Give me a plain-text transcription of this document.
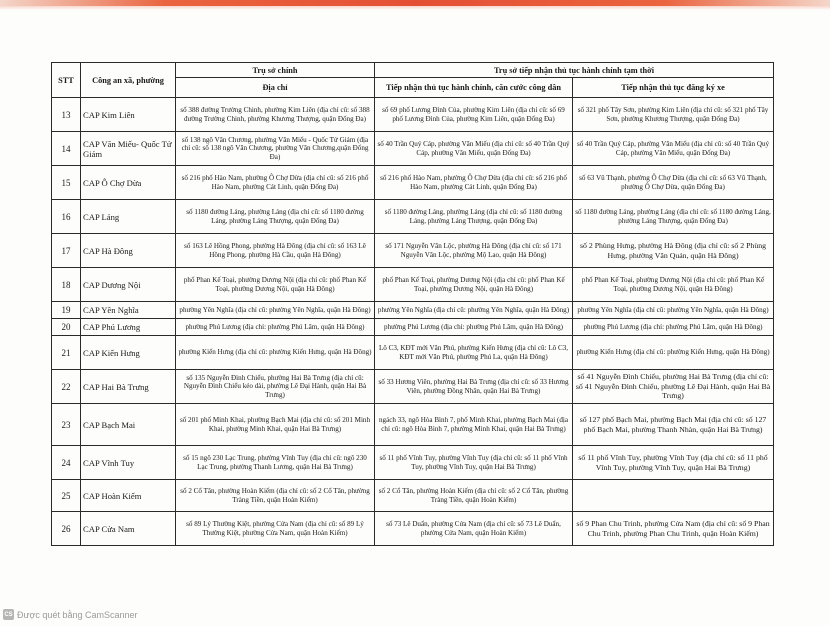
STT	Công an xã, phường	Trụ sở chính	Trụ sở tiếp nhận thủ tục hành chính tạm thời	
		Địa chỉ	Tiếp nhận thủ tục hành chính, căn cước công dân	Tiếp nhận thủ tục đăng ký xe
13	CAP Kim Liên	số 388 đường Trường Chinh, phường Kim Liên (địa chỉ cũ: số 388 đường Trường Chinh, phường Khương Thượng, quận Đống Đa)	số 69 phố Lương Đình Của, phường Kim Liên (địa chỉ cũ: số 69 phố Lương Đình Của, phường Kim Liên, quận Đống Đa)	số 321 phố Tây Sơn, phường Kim Liên (địa chỉ cũ: số 321 phố Tây Sơn, phường Khương Thượng, quận Đống Đa)
14	CAP Văn Miếu- Quốc Tử Giám	số 138 ngõ Văn Chương, phường Văn Miếu - Quốc Tử Giám (địa chỉ cũ: số 138 ngõ Văn Chương, phường Văn Chương,quận Đống Đa)	số 40 Trần Quý Cáp, phường Văn Miếu (địa chỉ cũ: số 40 Trần Quý Cáp, phường Văn Miếu, quận Đống Đa)	số 40 Trần Quý Cáp, phường Văn Miếu (địa chỉ cũ: số 40 Trần Quý Cáp, phường Văn Miếu, quận Đống Đa)
15	CAP Ô Chợ Dừa	số 216 phố Hào Nam, phường Ô Chợ Dừa (địa chỉ cũ: số 216 phố Hào Nam, phường Cát Linh, quận Đống Đa)	số 216 phố Hào Nam, phường Ô Chợ Dừa (địa chỉ cũ: số 216 phố Hào Nam, phường Cát Linh, quận Đống Đa)	số 63 Vũ Thạnh, phường Ô Chợ Dừa (địa chỉ cũ: số 63 Vũ Thạnh, phường Ô Chợ Dừa, quận Đống Đa)
16	CAP Láng	số 1180 đường Láng, phường Láng (địa chỉ cũ: số 1180 đường Láng, phường Láng Thượng, quận Đống Đa)	số 1180 đường Láng, phường Láng (địa chỉ cũ: số 1180 đường Láng, phường Láng Thượng, quận Đống Đa)	số 1180 đường Láng, phường Láng (địa chỉ cũ: số 1180 đường Láng, phường Láng Thượng, quận Đống Đa)
17	CAP Hà Đông	số 163 Lê Hồng Phong, phường Hà Đông (địa chỉ cũ: số 163 Lê Hồng Phong, phường Hà Cầu, quận Hà Đông)	số 171 Nguyễn Văn Lộc, phường Hà Đông (địa chỉ cũ: số 171 Nguyễn Văn Lộc, phường Mộ Lao, quận Hà Đông)	số 2 Phùng Hưng, phường Hà Đông (địa chỉ cũ: số 2 Phùng Hưng, phường Văn Quán, quận Hà Đông)
18	CAP Dương Nội	phố Phan Kế Toại, phường Dương Nội (địa chỉ cũ: phố Phan Kế Toại, phường Dương Nội, quận Hà Đông)	phố Phan Kế Toại, phường Dương Nội (địa chỉ cũ: phố Phan Kế Toại, phường Dương Nội, quận Hà Đông)	phố Phan Kế Toại, phường Dương Nội (địa chỉ cũ: phố Phan Kế Toại, phường Dương Nội, quận Hà Đông)
19	CAP Yên Nghĩa	phường Yên Nghĩa (địa chỉ cũ: phường Yên Nghĩa, quận Hà Đông)	phường Yên Nghĩa (địa chỉ cũ: phường Yên Nghĩa, quận Hà Đông)	phường Yên Nghĩa (địa chỉ cũ: phường Yên Nghĩa, quận Hà Đông)
20	CAP Phú Lương	phường Phú Lương (địa chỉ: phường Phú Lãm, quận Hà Đông)	phường Phú Lương (địa chỉ: phường Phú Lãm, quận Hà Đông)	phường Phú Lương (địa chỉ: phường Phú Lãm, quận Hà Đông)
21	CAP Kiến Hưng	phường Kiến Hưng (địa chỉ cũ: phường Kiến Hưng, quận Hà Đông)	Lô C3, KĐT mới Văn Phú, phường Kiến Hưng (địa chỉ cũ: Lô C3, KĐT mới Văn Phú, phường Phú La, quận Hà Đông)	phường Kiến Hưng (địa chỉ cũ: phường Kiến Hưng, quận Hà Đông)
22	CAP Hai Bà Trưng	số 135 Nguyễn Đình Chiểu, phường Hai Bà Trưng (địa chỉ cũ: Nguyễn Đình Chiểu kéo dài, phường Lê Đại Hành, quận Hai Bà Trưng)	số 33 Hương Viên, phường Hai Bà Trưng (địa chỉ cũ: số 33 Hương Viên, phường Đồng Nhân, quận Hai Bà Trưng)	số 41 Nguyễn Đình Chiểu, phường Hai Bà Trưng (địa chỉ cũ: số 41 Nguyễn Đình Chiểu, phường Lê Đại Hành, quận Hai Bà Trưng)
23	CAP Bạch Mai	số 201 phố Minh Khai, phường Bạch Mai (địa chỉ cũ: số 201 Minh Khai, phường Minh Khai, quận Hai Bà Trưng)	ngách 33, ngõ Hòa Bình 7, phố Minh Khai, phường Bạch Mai (địa chỉ cũ: ngõ Hòa Bình 7, phường Minh Khai, quận Hai Bà Trưng)	số 127 phố Bạch Mai, phường Bạch Mai (địa chỉ cũ: số 127 phố Bạch Mai, phường Thanh Nhàn, quận Hai Bà Trưng)
24	CAP Vĩnh Tuy	số 15 ngõ 230 Lạc Trung, phường Vĩnh Tuy (địa chỉ cũ: ngõ 230 Lạc Trung, phường Thanh Lương, quận Hai Bà Trưng)	số 11 phố Vĩnh Tuy, phường Vĩnh Tuy (địa chỉ cũ: số 11 phố Vĩnh Tuy, phường Vĩnh Tuy, quận Hai Bà Trưng)	số 11 phố Vĩnh Tuy, phường Vĩnh Tuy (địa chỉ cũ: số 11 phố Vĩnh Tuy, phường Vĩnh Tuy, quận Hai Bà Trưng)
25	CAP Hoàn Kiếm	số 2 Cổ Tân, phường Hoàn Kiếm (địa chỉ cũ: số 2 Cổ Tân, phường Tràng Tiền, quận Hoàn Kiếm)	số 2 Cổ Tân, phường Hoàn Kiếm (địa chỉ cũ: số 2 Cổ Tân, phường Tràng Tiền, quận Hoàn Kiếm)	
26	CAP Cửa Nam	số 89 Lý Thường Kiệt, phường Cửa Nam (địa chỉ cũ: số 89 Lý Thường Kiệt, phường Cửa Nam, quận Hoàn Kiếm)	số 73 Lê Duẩn, phường Cửa Nam (địa chỉ cũ: số 73 Lê Duẩn, phường Cửa Nam, quận Hoàn Kiếm)	số 9 Phan Chu Trinh, phường Cửa Nam (địa chỉ cũ: số 9 Phan Chu Trinh, phường Phan Chu Trinh, quận Hoàn Kiếm)
CS Được quét bằng CamScanner
